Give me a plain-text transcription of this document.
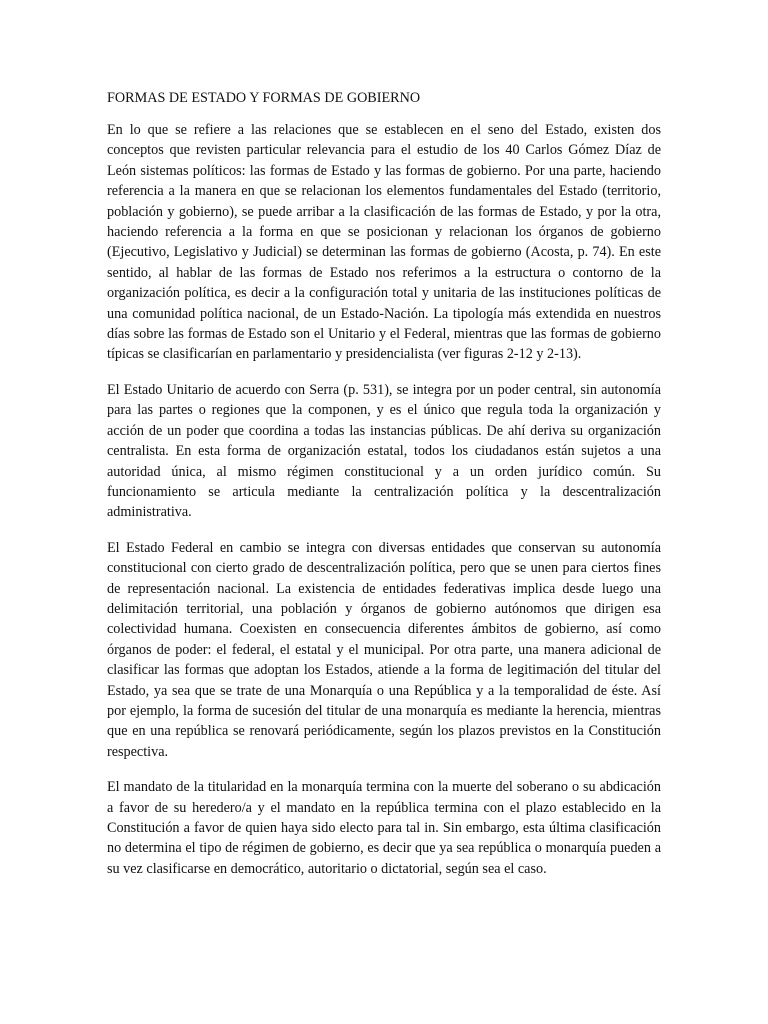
FORMAS DE ESTADO Y FORMAS DE GOBIERNO

En lo que se refiere a las relaciones que se establecen en el seno del Estado, existen dos conceptos que revisten particular relevancia para el estudio de los 40 Carlos Gómez Díaz de León sistemas políticos: las formas de Estado y las formas de gobierno. Por una parte, haciendo referencia a la manera en que se relacionan los elementos fundamentales del Estado (territorio, población y gobierno), se puede arribar a la clasificación de las formas de Estado, y por la otra, haciendo referencia a la forma en que se posicionan y relacionan los órganos de gobierno (Ejecutivo, Legislativo y Judicial) se determinan las formas de gobierno (Acosta, p. 74). En este sentido, al hablar de las formas de Estado nos referimos a la estructura o contorno de la organización política, es decir a la configuración total y unitaria de las instituciones políticas de una comunidad política nacional, de un Estado-Nación. La tipología más extendida en nuestros días sobre las formas de Estado son el Unitario y el Federal, mientras que las formas de gobierno típicas se clasificarían en parlamentario y presidencialista (ver figuras 2-12 y 2-13).

El Estado Unitario de acuerdo con Serra (p. 531), se integra por un poder central, sin autonomía para las partes o regiones que la componen, y es el único que regula toda la organización y acción de un poder que coordina a todas las instancias públicas. De ahí deriva su organización centralista. En esta forma de organización estatal, todos los ciudadanos están sujetos a una autoridad única, al mismo régimen constitucional y a un orden jurídico común. Su funcionamiento se articula mediante la centralización política y la descentralización administrativa.

El Estado Federal en cambio se integra con diversas entidades que conservan su autonomía constitucional con cierto grado de descentralización política, pero que se unen para ciertos fines de representación nacional. La existencia de entidades federativas implica desde luego una delimitación territorial, una población y órganos de gobierno autónomos que dirigen esa colectividad humana. Coexisten en consecuencia diferentes ámbitos de gobierno, así como órganos de poder: el federal, el estatal y el municipal. Por otra parte, una manera adicional de clasificar las formas que adoptan los Estados, atiende a la forma de legitimación del titular del Estado, ya sea que se trate de una Monarquía o una República y a la temporalidad de éste. Así por ejemplo, la forma de sucesión del titular de una monarquía es mediante la herencia, mientras que en una república se renovará periódicamente, según los plazos previstos en la Constitución respectiva.

El mandato de la titularidad en la monarquía termina con la muerte del soberano o su abdicación a favor de su heredero/a y el mandato en la república termina con el plazo establecido en la Constitución a favor de quien haya sido electo para tal in. Sin embargo, esta última clasificación no determina el tipo de régimen de gobierno, es decir que ya sea república o monarquía pueden a su vez clasificarse en democrático, autoritario o dictatorial, según sea el caso.
